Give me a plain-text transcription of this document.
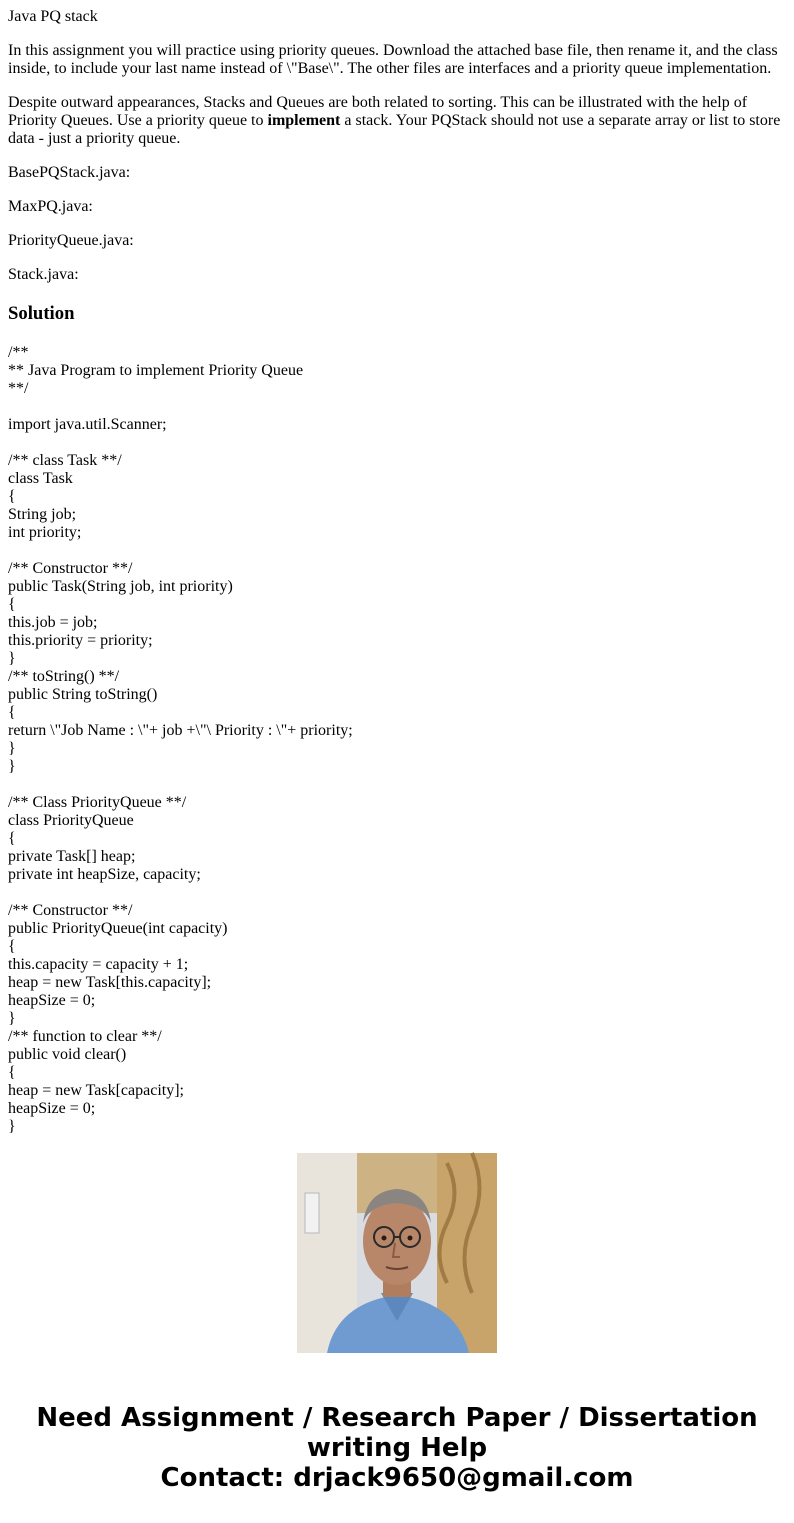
Java PQ stack

In this assignment you will practice using priority queues. Download the attached base file, then rename it, and the class inside, to include your last name instead of \"Base\". The other files are interfaces and a priority queue implementation.

Despite outward appearances, Stacks and Queues are both related to sorting. This can be illustrated with the help of Priority Queues. Use a priority queue to implement a stack. Your PQStack should not use a separate array or list to store data - just a priority queue.

BasePQStack.java:

MaxPQ.java:

PriorityQueue.java:

Stack.java:

Solution
/**
** Java Program to implement Priority Queue
**/

import java.util.Scanner;

/** class Task **/
class Task
{
String job;
int priority;

/** Constructor **/
public Task(String job, int priority)
{
this.job = job;
this.priority = priority;
}
/** toString() **/
public String toString()
{
return \"Job Name : \"+ job +\"\ Priority : \"+ priority;
}
}

/** Class PriorityQueue **/
class PriorityQueue
{
private Task[] heap;
private int heapSize, capacity;

/** Constructor **/
public PriorityQueue(int capacity)
{
this.capacity = capacity + 1;
heap = new Task[this.capacity];
heapSize = 0;
}
/** function to clear **/
public void clear()
{
heap = new Task[capacity];
heapSize = 0;
}
Need Assignment / Research Paper / Dissertation
writing Help
Contact: drjack9650@gmail.com
